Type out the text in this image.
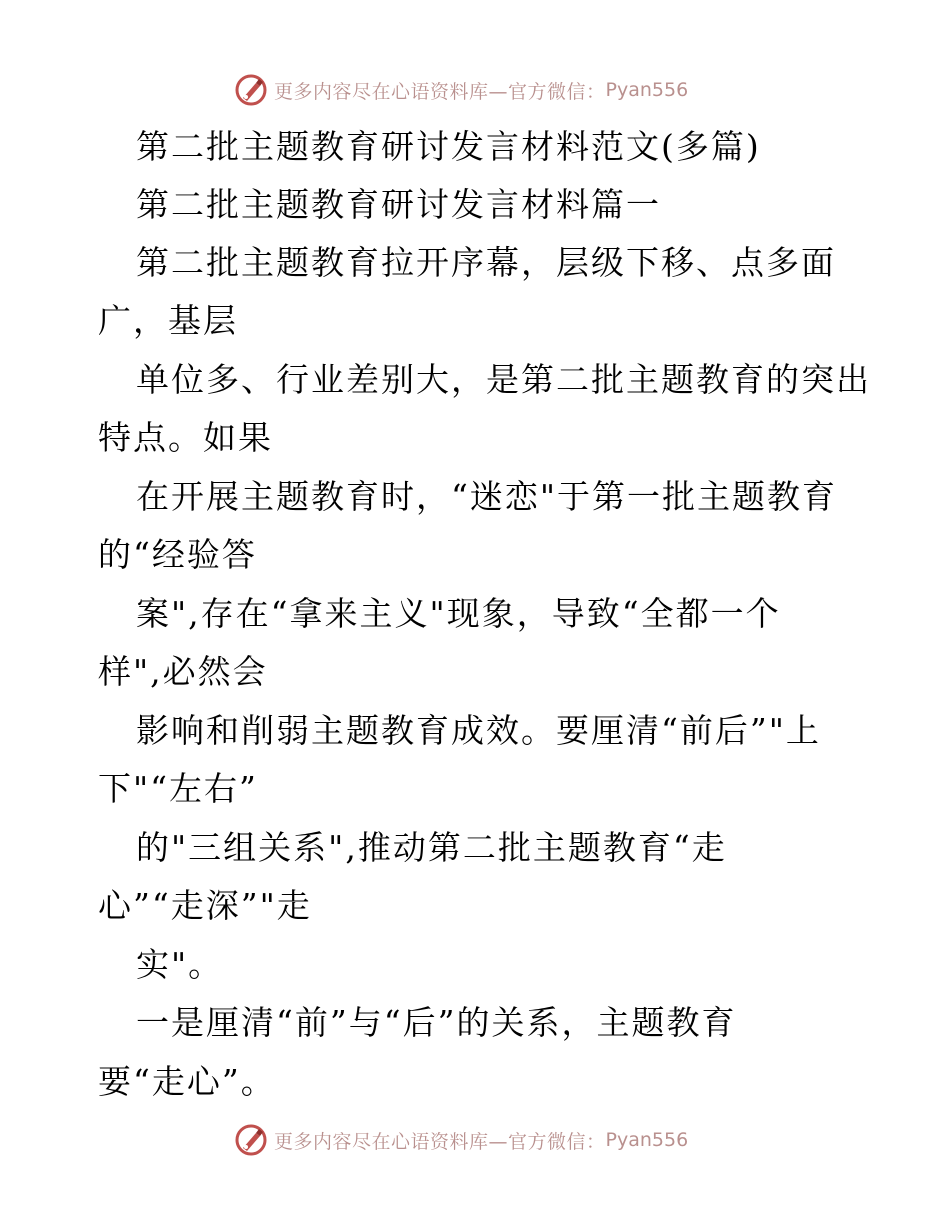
更多内容尽在心语资料库—官方微信： Pyan556
第二批主题教育研讨发言材料范文(多篇)
第二批主题教育研讨发言材料篇一
第二批主题教育拉开序幕，层级下移、点多面
广，基层
单位多、行业差别大，是第二批主题教育的突出
特点。如果
在开展主题教育时，“迷恋"于第一批主题教育
的“经验答
案",存在“拿来主义"现象，导致“全都一个
样",必然会
影响和削弱主题教育成效。要厘清“前后”"上
下"“左右”
的"三组关系",推动第二批主题教育“走
心”“走深”"走
实"。
一是厘清“前”与“后”的关系，主题教育
要“走心”。
更多内容尽在心语资料库—官方微信： Pyan556
